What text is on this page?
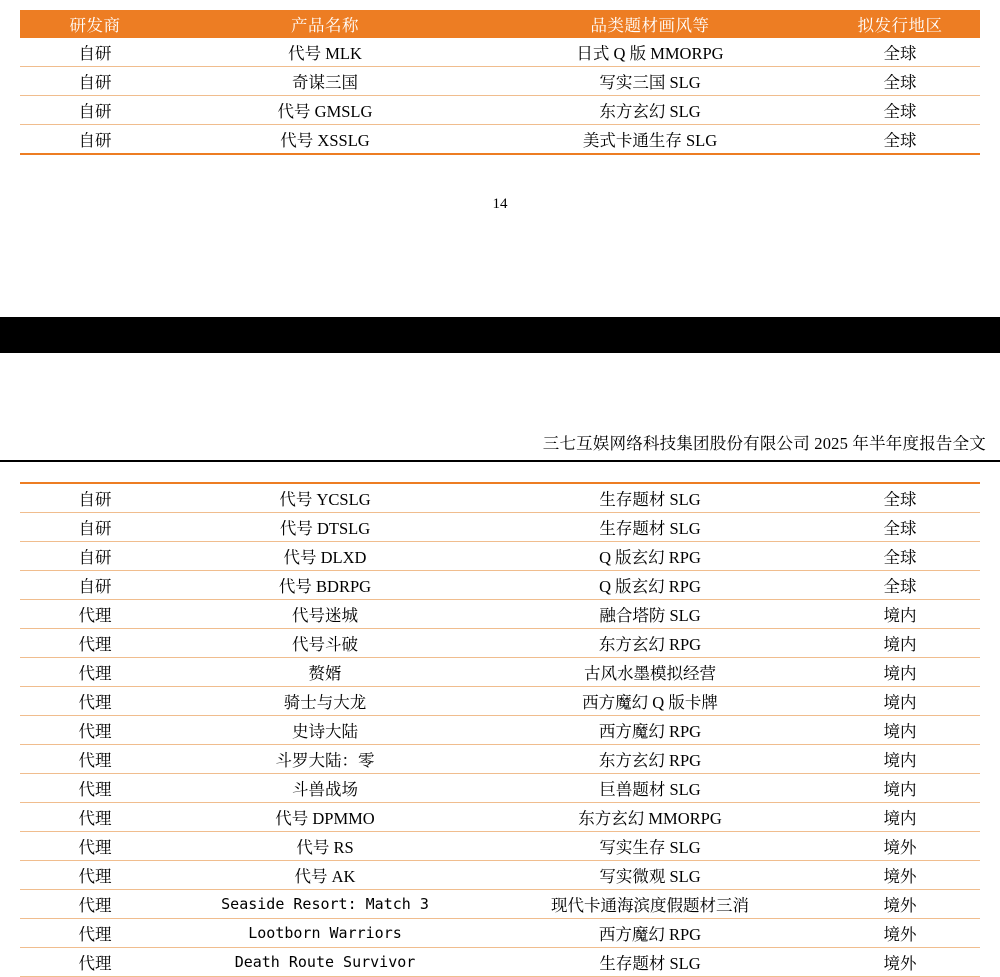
研发商	产品名称	品类题材画风等	拟发行地区
自研	代号 MLK	日式 Q 版 MMORPG	全球
自研	奇谋三国	写实三国 SLG	全球
自研	代号 GMSLG	东方玄幻 SLG	全球
自研	代号 XSSLG	美式卡通生存 SLG	全球
14
三七互娱网络科技集团股份有限公司 2025 年半年度报告全文
自研	代号 YCSLG	生存题材 SLG	全球
自研	代号 DTSLG	生存题材 SLG	全球
自研	代号 DLXD	Q 版玄幻 RPG	全球
自研	代号 BDRPG	Q 版玄幻 RPG	全球
代理	代号迷城	融合塔防 SLG	境内
代理	代号斗破	东方玄幻 RPG	境内
代理	赘婿	古风水墨模拟经营	境内
代理	骑士与大龙	西方魔幻 Q 版卡牌	境内
代理	史诗大陆	西方魔幻 RPG	境内
代理	斗罗大陆：零	东方玄幻 RPG	境内
代理	斗兽战场	巨兽题材 SLG	境内
代理	代号 DPMMO	东方玄幻 MMORPG	境内
代理	代号 RS	写实生存 SLG	境外
代理	代号 AK	写实微观 SLG	境外
代理	Seaside Resort: Match 3	现代卡通海滨度假题材三消	境外
代理	Lootborn Warriors	西方魔幻 RPG	境外
代理	Death Route Survivor	生存题材 SLG	境外
